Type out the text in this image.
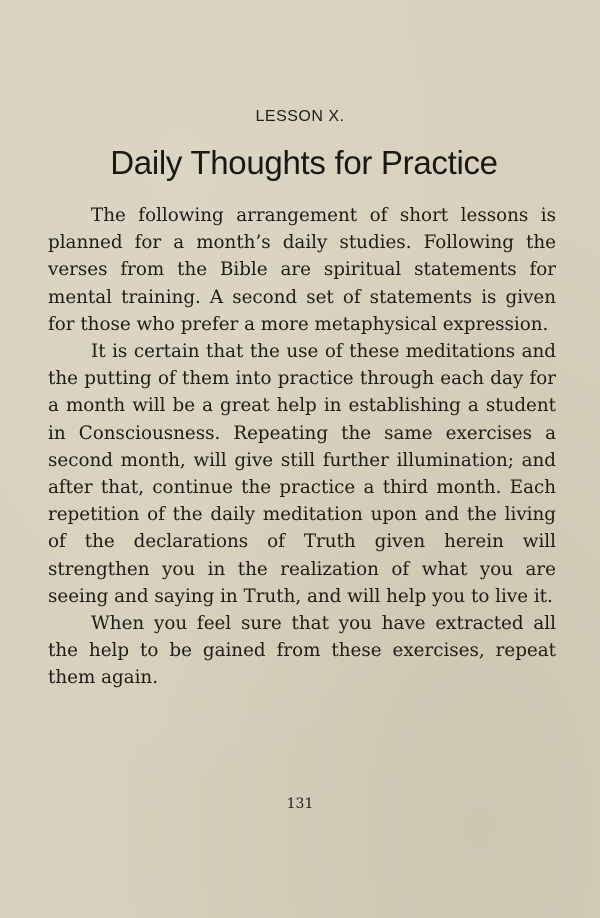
LESSON X.
Daily Thoughts for Practice

The following arrangement of short lessons is planned for a month’s daily studies. Following the verses from the Bible are spiritual statements for mental training. A second set of statements is given for those who prefer a more metaphysical expression.

It is certain that the use of these meditations and the putting of them into practice through each day for a month will be a great help in establishing a student in Consciousness. Repeating the same exercises a second month, will give still further illumination; and after that, continue the practice a third month. Each repetition of the daily meditation upon and the living of the declarations of Truth given herein will strengthen you in the realization of what you are seeing and saying in Truth, and will help you to live it.

When you feel sure that you have extracted all the help to be gained from these exercises, repeat them again.

131
